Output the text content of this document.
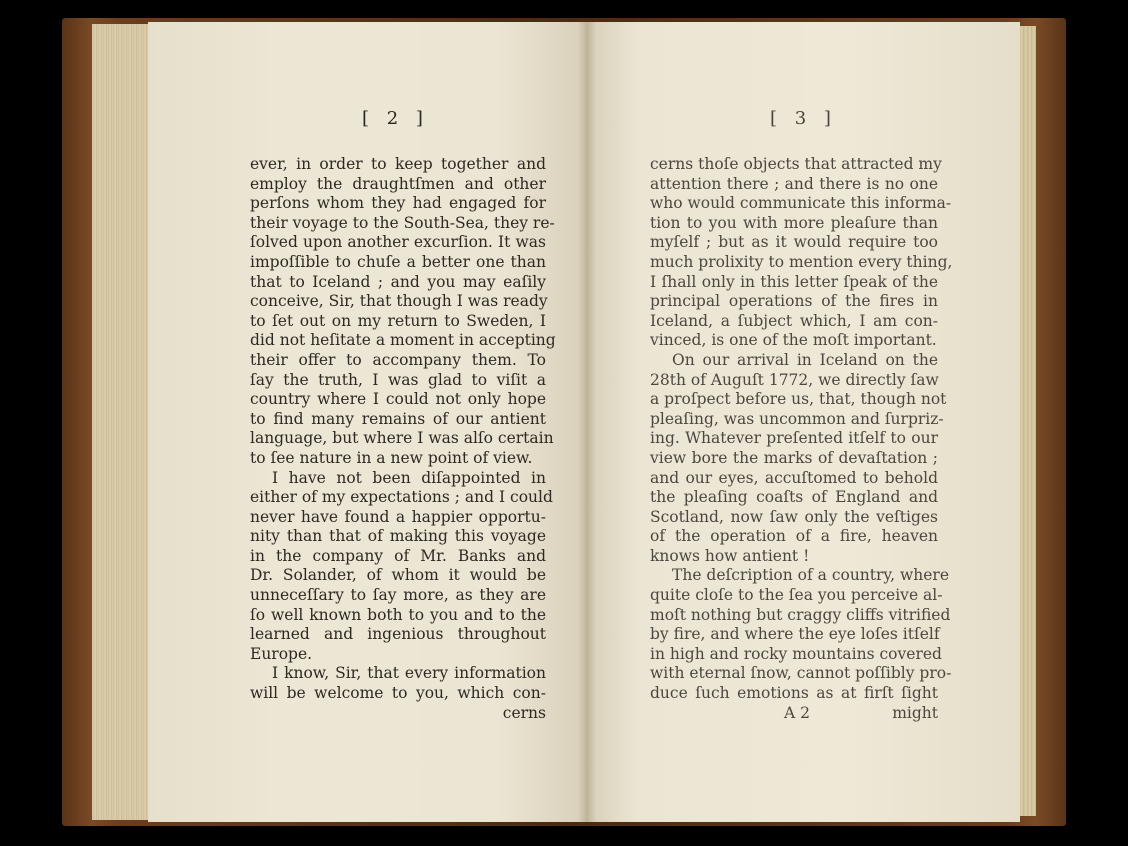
[ 2 ]
ever, in order to keep together and
employ the draughtſmen and other
perſons whom they had engaged for
their voyage to the South-Sea, they re-
ſolved upon another excurſion. It was
impoſſible to chuſe a better one than
that to Iceland ; and you may eaſily
conceive, Sir, that though I was ready
to ſet out on my return to Sweden, I
did not heſitate a moment in accepting
their offer to accompany them. To
ſay the truth, I was glad to viſit a
country where I could not only hope
to find many remains of our antient
language, but where I was alſo certain
to ſee nature in a new point of view.
I have not been diſappointed in
either of my expectations ; and I could
never have found a happier opportu-
nity than that of making this voyage
in the company of Mr. Banks and
Dr. Solander, of whom it would be
unneceſſary to ſay more, as they are
ſo well known both to you and to the
learned and ingenious throughout
Europe.
I know, Sir, that every information
will be welcome to you, which con-
cerns
[ 3 ]
cerns thoſe objects that attracted my
attention there ; and there is no one
who would communicate this informa-
tion to you with more pleaſure than
myſelf ; but as it would require too
much prolixity to mention every thing,
I ſhall only in this letter ſpeak of the
principal operations of the fires in
Iceland, a ſubject which, I am con-
vinced, is one of the moſt important.
On our arrival in Iceland on the
28th of Auguſt 1772, we directly ſaw
a proſpect before us, that, though not
pleaſing, was uncommon and ſurpriz-
ing. Whatever preſented itſelf to our
view bore the marks of devaſtation ;
and our eyes, accuſtomed to behold
the pleaſing coaſts of England and
Scotland, now ſaw only the veſtiges
of the operation of a fire, heaven
knows how antient !
The deſcription of a country, where
quite cloſe to the ſea you perceive al-
moſt nothing but craggy cliffs vitrified
by fire, and where the eye loſes itſelf
in high and rocky mountains covered
with eternal ſnow, cannot poſſibly pro-
duce ſuch emotions as at firſt ſight
A 2	might
